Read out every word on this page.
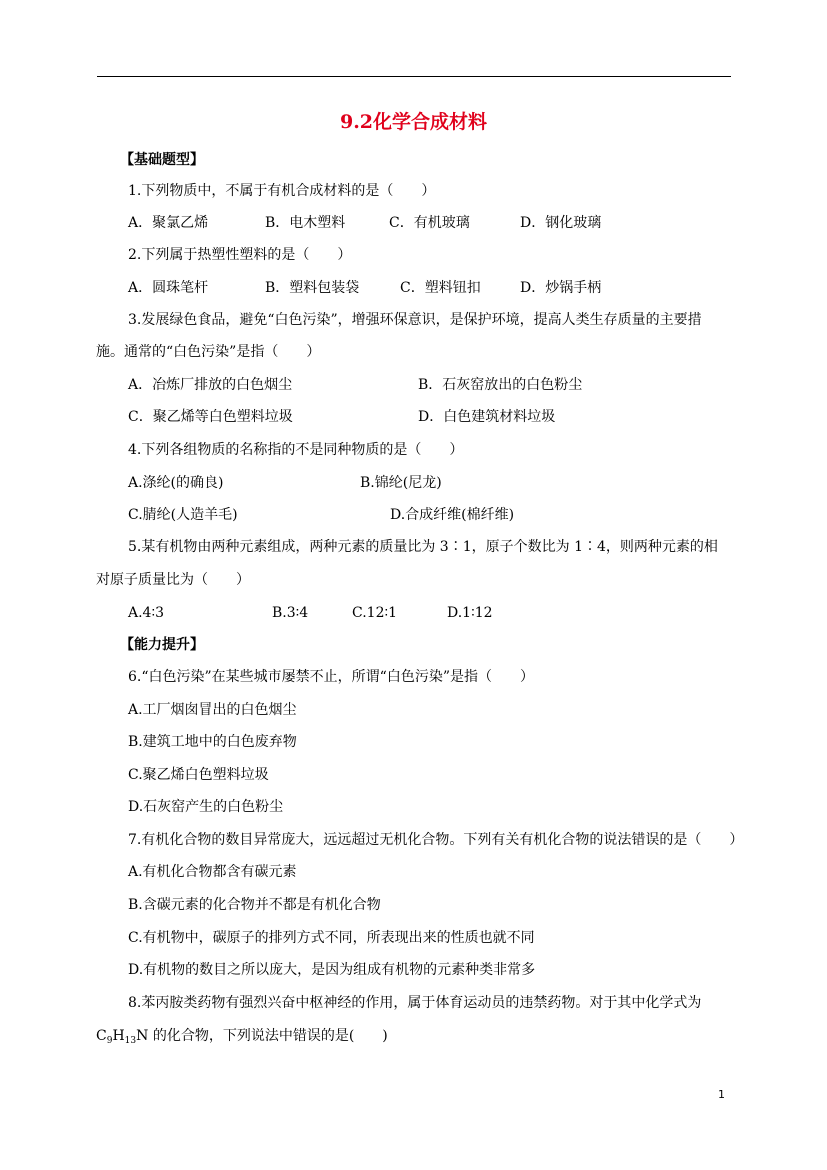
9.2化学合成材料
【基础题型】
1.下列物质中，不属于有机合成材料的是（　　）
A．聚氯乙烯	B．电木塑料	C．有机玻璃	D．钢化玻璃
2.下列属于热塑性塑料的是（　　）
A．圆珠笔杆	B．塑料包装袋	C．塑料钮扣	D．炒锅手柄
3.发展绿色食品，避免“白色污染”，增强环保意识，是保护环境，提高人类生存质量的主要措
施。通常的“白色污染”是指（　　）
A．冶炼厂排放的白色烟尘	B．石灰窑放出的白色粉尘
C．聚乙烯等白色塑料垃圾	D．白色建筑材料垃圾
4.下列各组物质的名称指的不是同种物质的是（　　）
A.涤纶(的确良)	B.锦纶(尼龙)
C.腈纶(人造羊毛)	D.合成纤维(棉纤维)
5.某有机物由两种元素组成，两种元素的质量比为 3∶1，原子个数比为 1∶4，则两种元素的相
对原子质量比为（　　）
A.4∶3	B.3∶4	C.12∶1	D.1∶12
【能力提升】
6.“白色污染”在某些城市屡禁不止，所谓“白色污染”是指（　　）
A.工厂烟囱冒出的白色烟尘
B.建筑工地中的白色废弃物
C.聚乙烯白色塑料垃圾
D.石灰窑产生的白色粉尘
7.有机化合物的数目异常庞大，远远超过无机化合物。下列有关有机化合物的说法错误的是（　　）
A.有机化合物都含有碳元素
B.含碳元素的化合物并不都是有机化合物
C.有机物中，碳原子的排列方式不同，所表现出来的性质也就不同
D.有机物的数目之所以庞大，是因为组成有机物的元素种类非常多
8.苯丙胺类药物有强烈兴奋中枢神经的作用，属于体育运动员的违禁药物。对于其中化学式为
$C_9H_{13}N$ 的化合物，下列说法中错误的是(　　)
1
